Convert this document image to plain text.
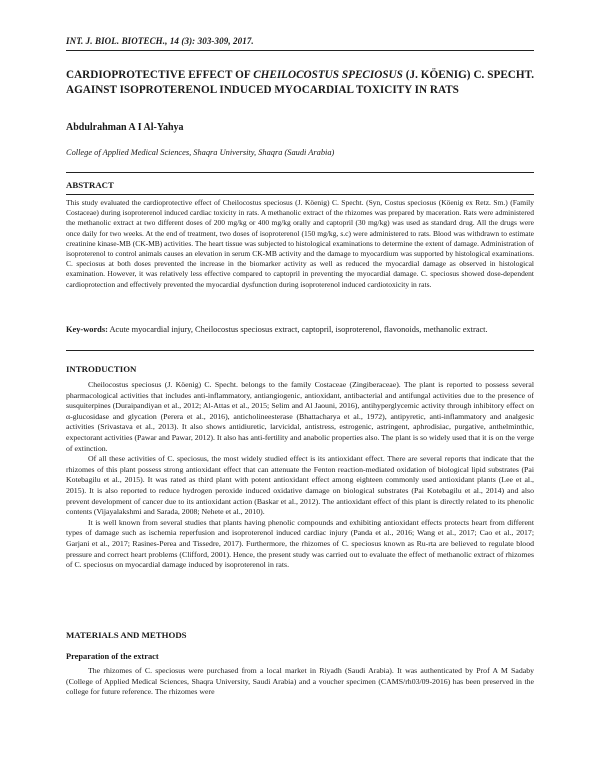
INT. J. BIOL. BIOTECH., 14 (3): 303-309, 2017.
CARDIOPROTECTIVE EFFECT OF CHEILOCOSTUS SPECIOSUS (J. KÖENIG) C. SPECHT. AGAINST ISOPROTERENOL INDUCED MYOCARDIAL TOXICITY IN RATS
Abdulrahman A I Al-Yahya
College of Applied Medical Sciences, Shaqra University, Shaqra (Saudi Arabia)
ABSTRACT
This study evaluated the cardioprotective effect of Cheilocostus speciosus (J. Köenig) C. Specht. (Syn, Costus speciosus (Köenig ex Retz. Sm.) (Family Costaceae) during isoproterenol induced cardiac toxicity in rats. A methanolic extract of the rhizomes was prepared by maceration. Rats were administered the methanolic extract at two different doses of 200 mg/kg or 400 mg/kg orally and captopril (30 mg/kg) was used as standard drug. All the drugs were once daily for two weeks. At the end of treatment, two doses of isoproterenol (150 mg/kg, s.c) were administered to rats. Blood was withdrawn to estimate creatinine kinase-MB (CK-MB) activities. The heart tissue was subjected to histological examinations to determine the extent of damage. Administration of isoproterenol to control animals causes an elevation in serum CK-MB activity and the damage to myocardium was supported by histological examinations. C. speciosus at both doses prevented the increase in the biomarker activity as well as reduced the myocardial damage as observed in histological examination. However, it was relatively less effective compared to captopril in preventing the myocardial damage. C. speciosus showed dose-dependent cardioprotection and effectively prevented the myocardial dysfunction during isoproterenol induced cardiotoxicity in rats.
Key-words: Acute myocardial injury, Cheilocostus speciosus extract, captopril, isoproterenol, flavonoids, methanolic extract.
INTRODUCTION

Cheilocostus speciosus (J. Köenig) C. Specht. belongs to the family Costaceae (Zingiberaceae). The plant is reported to possess several pharmacological activities that includes anti-inflammatory, antiangiogenic, antioxidant, antibacterial and antifungal activities due to the presence of susquiterpines (Duraipandiyan et al., 2012; Al-Attas et al., 2015; Selim and Al Jaouni, 2016), antihyperglycemic activity through inhibitory effect on α-glucosidase and glycation (Perera et al., 2016), anticholineesterase (Bhattacharya et al., 1972), antipyretic, anti-inflammatory and analgesic activities (Srivastava et al., 2013). It also shows antidiuretic, larvicidal, antistress, estrogenic, astringent, aphrodisiac, purgative, anthelminthic, expectorant activities (Pawar and Pawar, 2012). It also has anti-fertility and anabolic properties also. The plant is so widely used that it is on the verge of extinction.

Of all these activities of C. speciosus, the most widely studied effect is its antioxidant effect. There are several reports that indicate that the rhizomes of this plant possess strong antioxidant effect that can attenuate the Fenton reaction-mediated oxidation of biological lipid substrates (Pai Kotebagilu et al., 2015). It was rated as third plant with potent antioxidant effect among eighteen commonly used antioxidant plants (Lee et al., 2015). It is also reported to reduce hydrogen peroxide induced oxidative damage on biological substrates (Pai Kotebagilu et al., 2014) and also prevent development of cancer due to its antioxidant action (Baskar et al., 2012). The antioxidant effect of this plant is directly related to its phenolic contents (Vijayalakshmi and Sarada, 2008; Nehete et al., 2010).

It is well known from several studies that plants having phenolic compounds and exhibiting antioxidant effects protects heart from different types of damage such as ischemia reperfusion and isoproterenol induced cardiac injury (Panda et al., 2016; Wang et al., 2017; Cao et al., 2017; Garjani et al., 2017; Rasines-Perea and Tissedre, 2017). Furthermore, the rhizomes of C. speciosus known as Ru-rta are believed to regulate blood pressure and correct heart problems (Clifford, 2001). Hence, the present study was carried out to evaluate the effect of methanolic extract of rhizomes of C. speciosus on myocardial damage induced by isoproterenol in rats.

MATERIALS AND METHODS
Preparation of the extract

The rhizomes of C. speciosus were purchased from a local market in Riyadh (Saudi Arabia). It was authenticated by Prof A M Sadaby (College of Applied Medical Sciences, Shaqra University, Saudi Arabia) and a voucher specimen (CAMS/rh03/09-2016) has been preserved in the college for future reference. The rhizomes were
